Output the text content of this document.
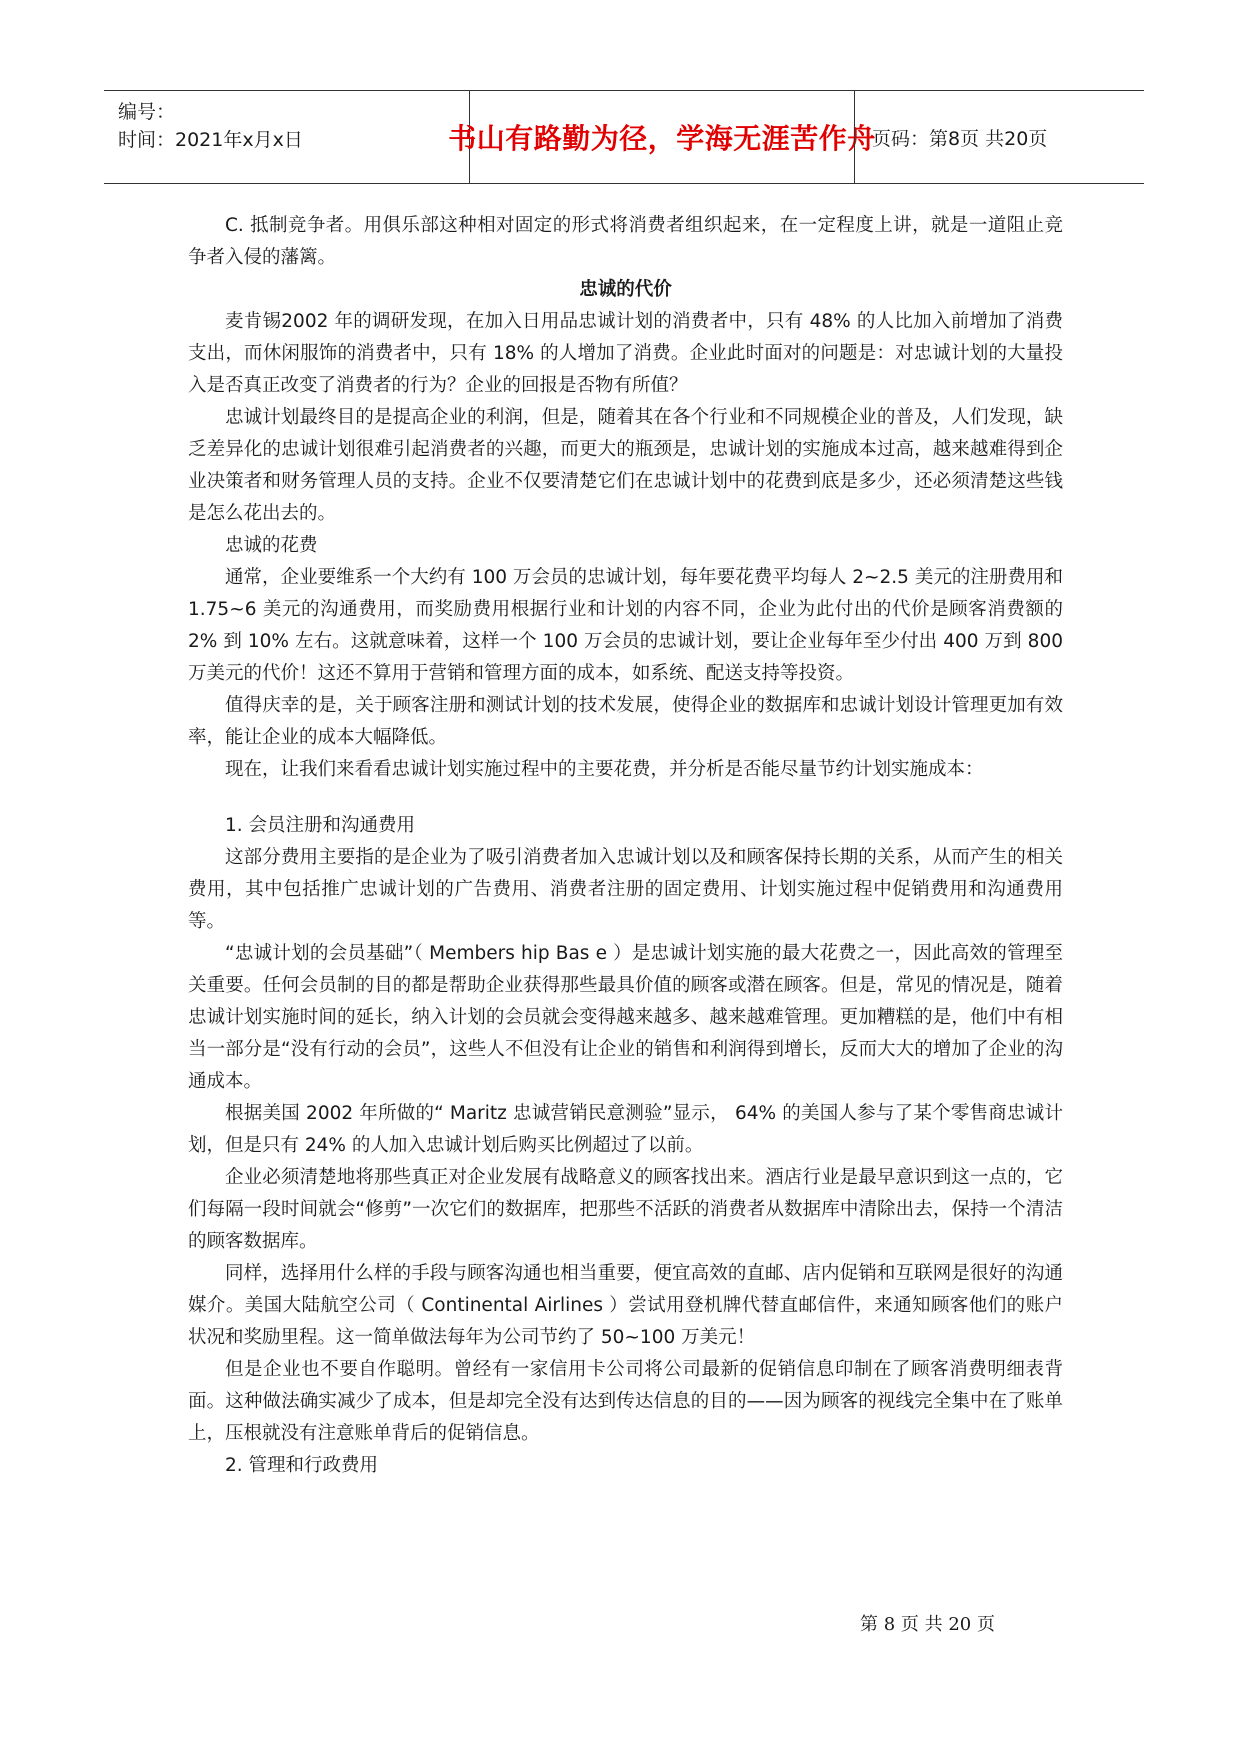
编号：
时间：2021年x月x日	书山有路勤为径，学海无涯苦作舟
页码：第8页 共20页

C. 抵制竞争者。用俱乐部这种相对固定的形式将消费者组织起来，在一定程度上讲，就是一道阻止竞争者入侵的藩篱。

忠诚的代价

麦肯锡2002 年的调研发现，在加入日用品忠诚计划的消费者中，只有 48% 的人比加入前增加了消费支出，而休闲服饰的消费者中，只有 18% 的人增加了消费。企业此时面对的问题是：对忠诚计划的大量投入是否真正改变了消费者的行为？企业的回报是否物有所值？

忠诚计划最终目的是提高企业的利润，但是，随着其在各个行业和不同规模企业的普及，人们发现，缺乏差异化的忠诚计划很难引起消费者的兴趣，而更大的瓶颈是，忠诚计划的实施成本过高，越来越难得到企业决策者和财务管理人员的支持。企业不仅要清楚它们在忠诚计划中的花费到底是多少，还必须清楚这些钱是怎么花出去的。

忠诚的花费

通常，企业要维系一个大约有 100 万会员的忠诚计划，每年要花费平均每人 2~2.5 美元的注册费用和 1.75~6 美元的沟通费用，而奖励费用根据行业和计划的内容不同，企业为此付出的代价是顾客消费额的 2% 到 10% 左右。这就意味着，这样一个 100 万会员的忠诚计划，要让企业每年至少付出 400 万到 800 万美元的代价！这还不算用于营销和管理方面的成本，如系统、配送支持等投资。

值得庆幸的是，关于顾客注册和测试计划的技术发展，使得企业的数据库和忠诚计划设计管理更加有效率，能让企业的成本大幅降低。

现在，让我们来看看忠诚计划实施过程中的主要花费，并分析是否能尽量节约计划实施成本：

1. 会员注册和沟通费用

这部分费用主要指的是企业为了吸引消费者加入忠诚计划以及和顾客保持长期的关系，从而产生的相关费用，其中包括推广忠诚计划的广告费用、消费者注册的固定费用、计划实施过程中促销费用和沟通费用等。

“忠诚计划的会员基础”（ Members hip Bas e ）是忠诚计划实施的最大花费之一，因此高效的管理至关重要。任何会员制的目的都是帮助企业获得那些最具价值的顾客或潜在顾客。但是，常见的情况是，随着忠诚计划实施时间的延长，纳入计划的会员就会变得越来越多、越来越难管理。更加糟糕的是，他们中有相当一部分是“没有行动的会员”，这些人不但没有让企业的销售和利润得到增长，反而大大的增加了企业的沟通成本。

根据美国 2002 年所做的“ Maritz 忠诚营销民意测验”显示， 64% 的美国人参与了某个零售商忠诚计划，但是只有 24% 的人加入忠诚计划后购买比例超过了以前。

企业必须清楚地将那些真正对企业发展有战略意义的顾客找出来。酒店行业是最早意识到这一点的，它们每隔一段时间就会“修剪”一次它们的数据库，把那些不活跃的消费者从数据库中清除出去，保持一个清洁的顾客数据库。

同样，选择用什么样的手段与顾客沟通也相当重要，便宜高效的直邮、店内促销和互联网是很好的沟通媒介。美国大陆航空公司（ Continental Airlines ）尝试用登机牌代替直邮信件，来通知顾客他们的账户状况和奖励里程。这一简单做法每年为公司节约了 50~100 万美元！

但是企业也不要自作聪明。曾经有一家信用卡公司将公司最新的促销信息印制在了顾客消费明细表背面。这种做法确实减少了成本，但是却完全没有达到传达信息的目的——因为顾客的视线完全集中在了账单上，压根就没有注意账单背后的促销信息。

2. 管理和行政费用

第 8 页 共 20 页
